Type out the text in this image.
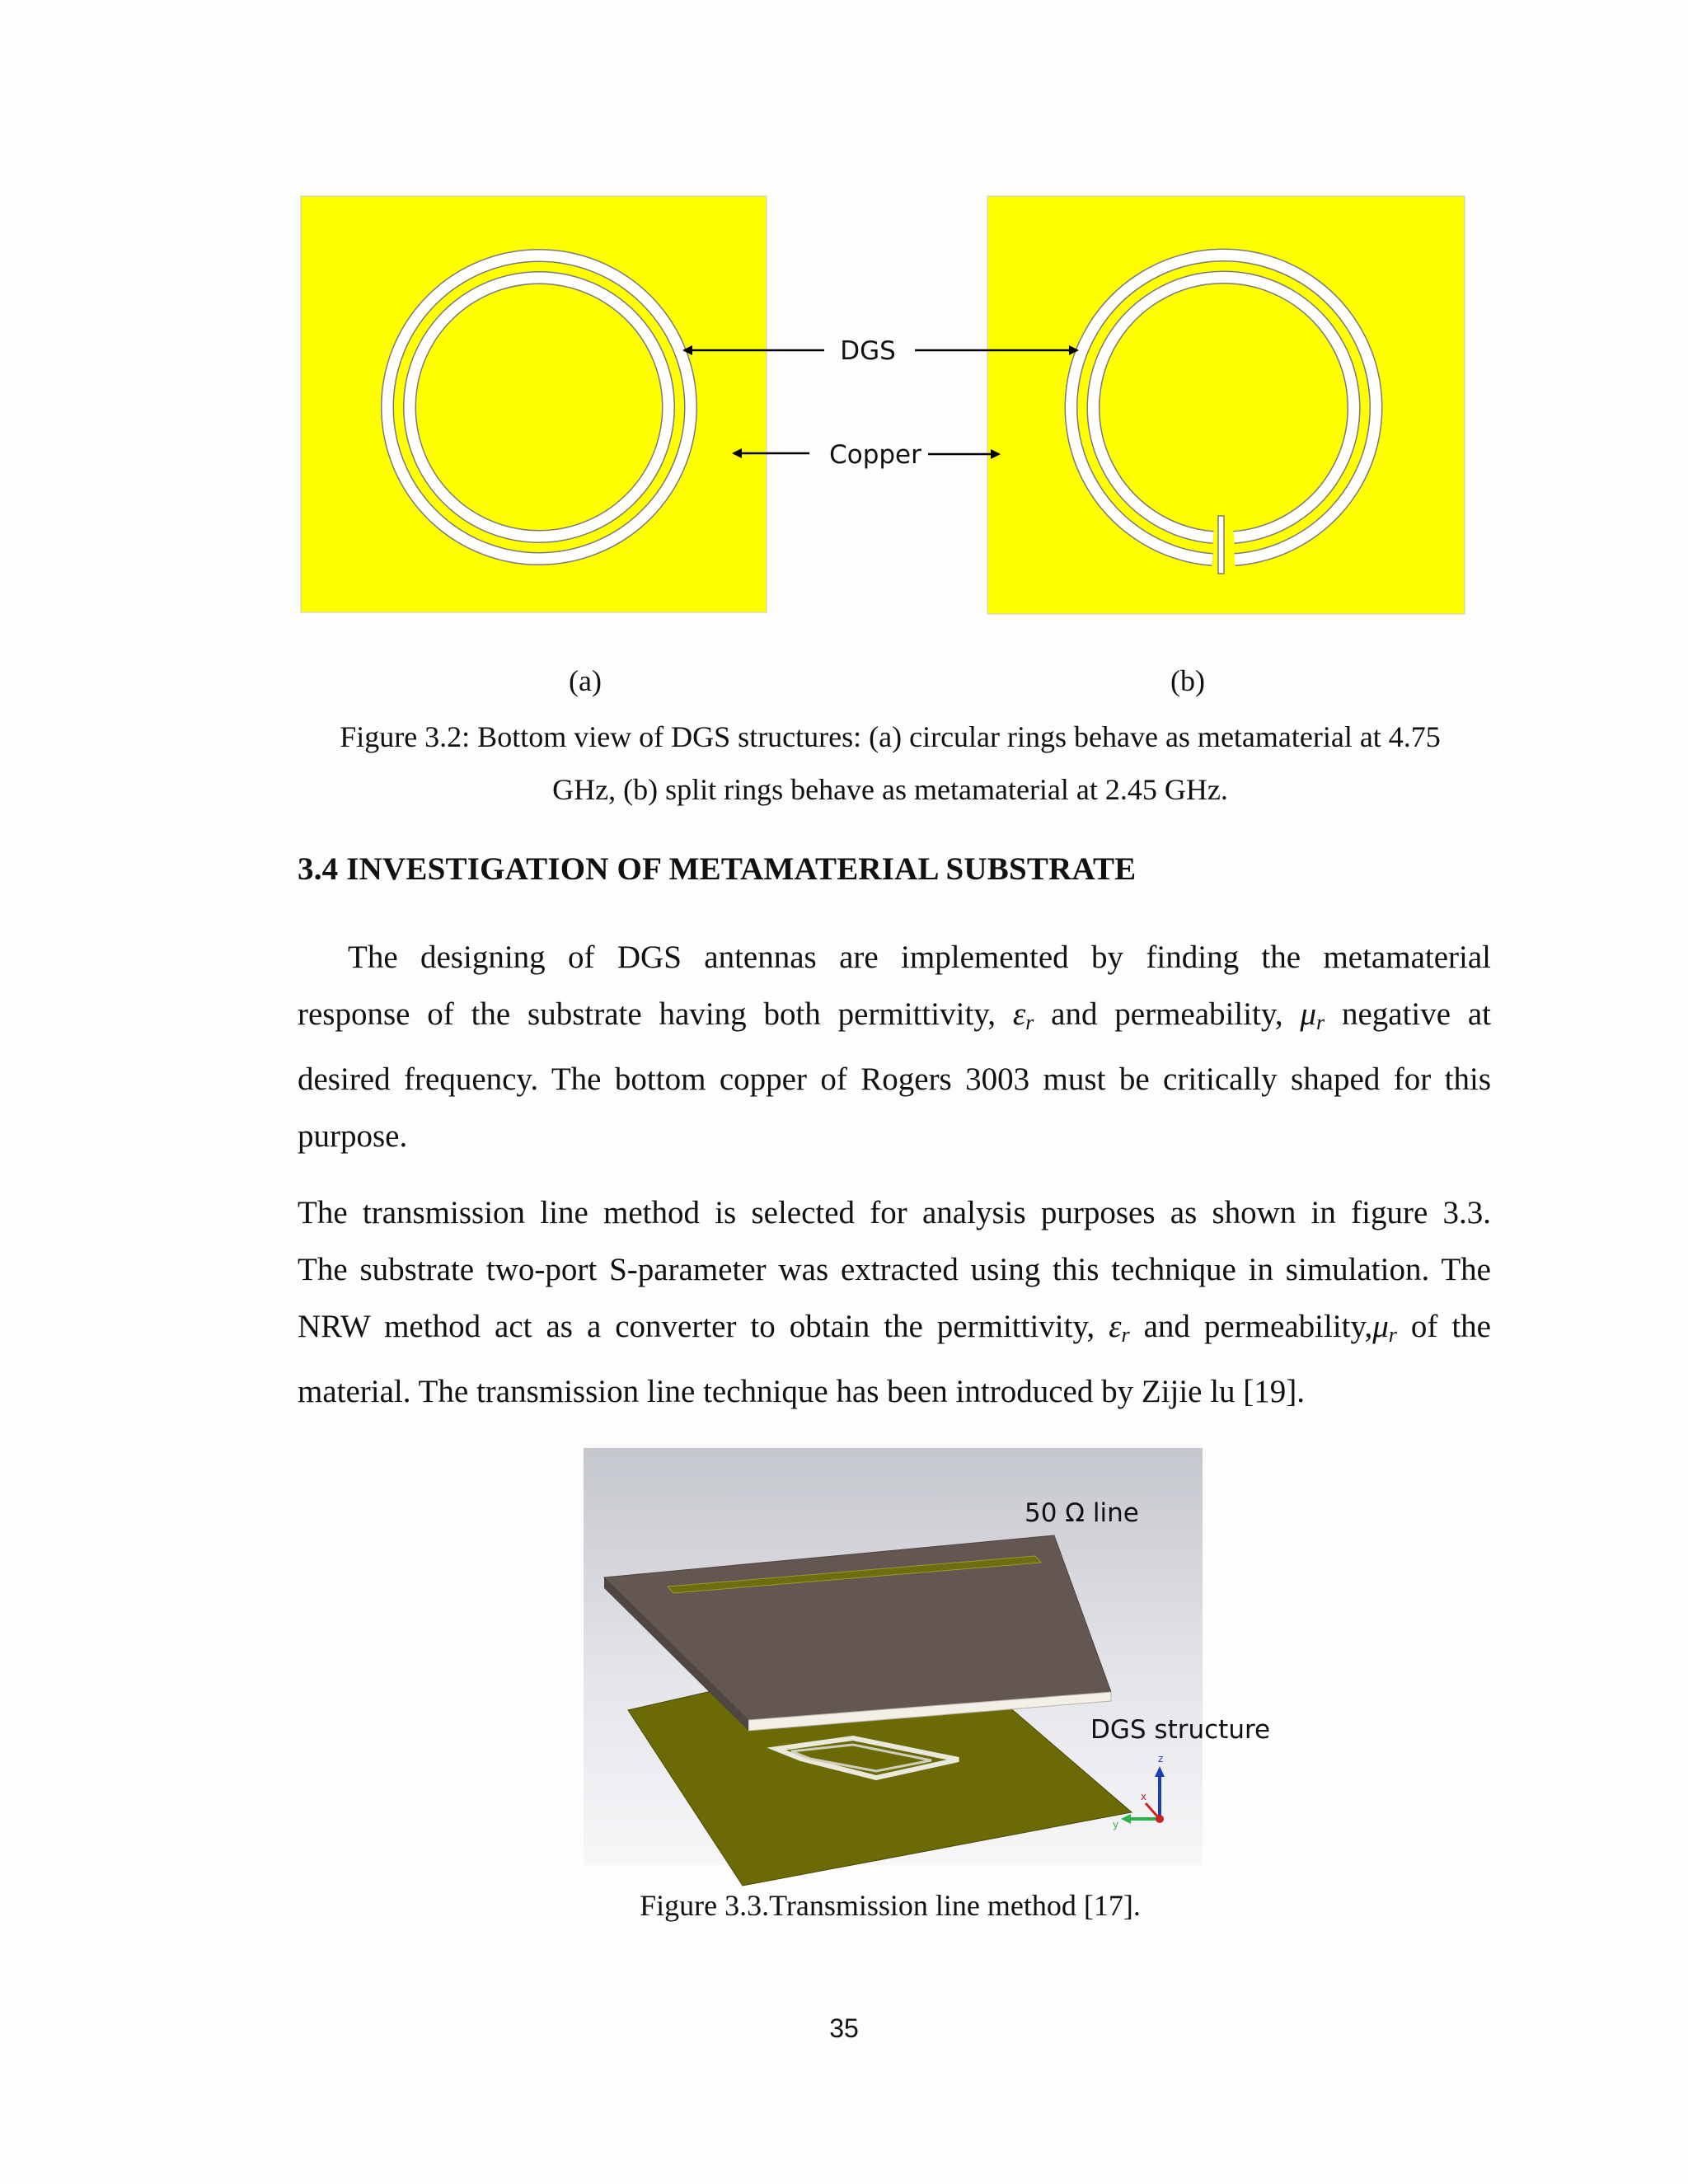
DGS
Copper
(a)	(b)
Figure 3.2: Bottom view of DGS structures: (a) circular rings behave as metamaterial at 4.75
GHz, (b) split rings behave as metamaterial at 2.45 GHz.
3.4 INVESTIGATION OF METAMATERIAL SUBSTRATE
The designing of DGS antennas are implemented by finding the metamaterial
response of the substrate having both permittivity, εr and permeability, μr negative at
desired frequency. The bottom copper of Rogers 3003 must be critically shaped for this
purpose.
The transmission line method is selected for analysis purposes as shown in figure 3.3.
The substrate two-port S-parameter was extracted using this technique in simulation. The
NRW method act as a converter to obtain the permittivity, εr and permeability,μr of the
material. The transmission line technique has been introduced by Zijie lu [19].
50 Ω line
DGS structure
z
x
y
Figure 3.3.Transmission line method [17].
35
